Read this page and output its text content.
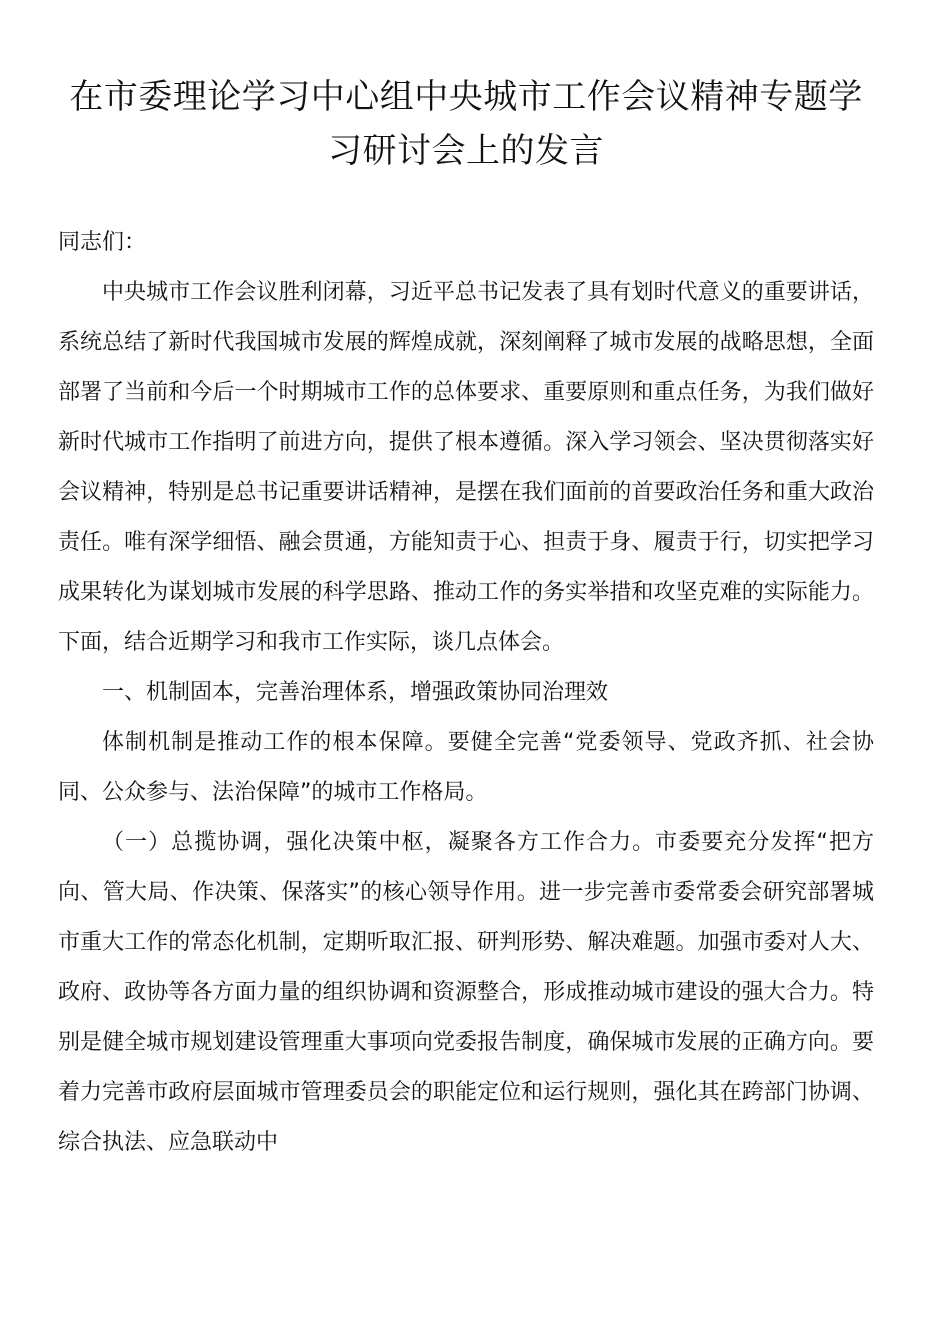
在市委理论学习中心组中央城市工作会议精神专题学
习研讨会上的发言

同志们：

中央城市工作会议胜利闭幕，习近平总书记发表了具有划时代意义的重要讲话，系统总结了新时代我国城市发展的辉煌成就，深刻阐释了城市发展的战略思想，全面部署了当前和今后一个时期城市工作的总体要求、重要原则和重点任务，为我们做好新时代城市工作指明了前进方向，提供了根本遵循。深入学习领会、坚决贯彻落实好会议精神，特别是总书记重要讲话精神，是摆在我们面前的首要政治任务和重大政治责任。唯有深学细悟、融会贯通，方能知责于心、担责于身、履责于行，切实把学习成果转化为谋划城市发展的科学思路、推动工作的务实举措和攻坚克难的实际能力。下面，结合近期学习和我市工作实际，谈几点体会。

一、机制固本，完善治理体系，增强政策协同治理效

体制机制是推动工作的根本保障。要健全完善“党委领导、党政齐抓、社会协同、公众参与、法治保障”的城市工作格局。

（一）总揽协调，强化决策中枢，凝聚各方工作合力。市委要充分发挥“把方向、管大局、作决策、保落实”的核心领导作用。进一步完善市委常委会研究部署城市重大工作的常态化机制，定期听取汇报、研判形势、解决难题。加强市委对人大、政府、政协等各方面力量的组织协调和资源整合，形成推动城市建设的强大合力。特别是健全城市规划建设管理重大事项向党委报告制度，确保城市发展的正确方向。要着力完善市政府层面城市管理委员会的职能定位和运行规则，强化其在跨部门协调、综合执法、应急联动中
